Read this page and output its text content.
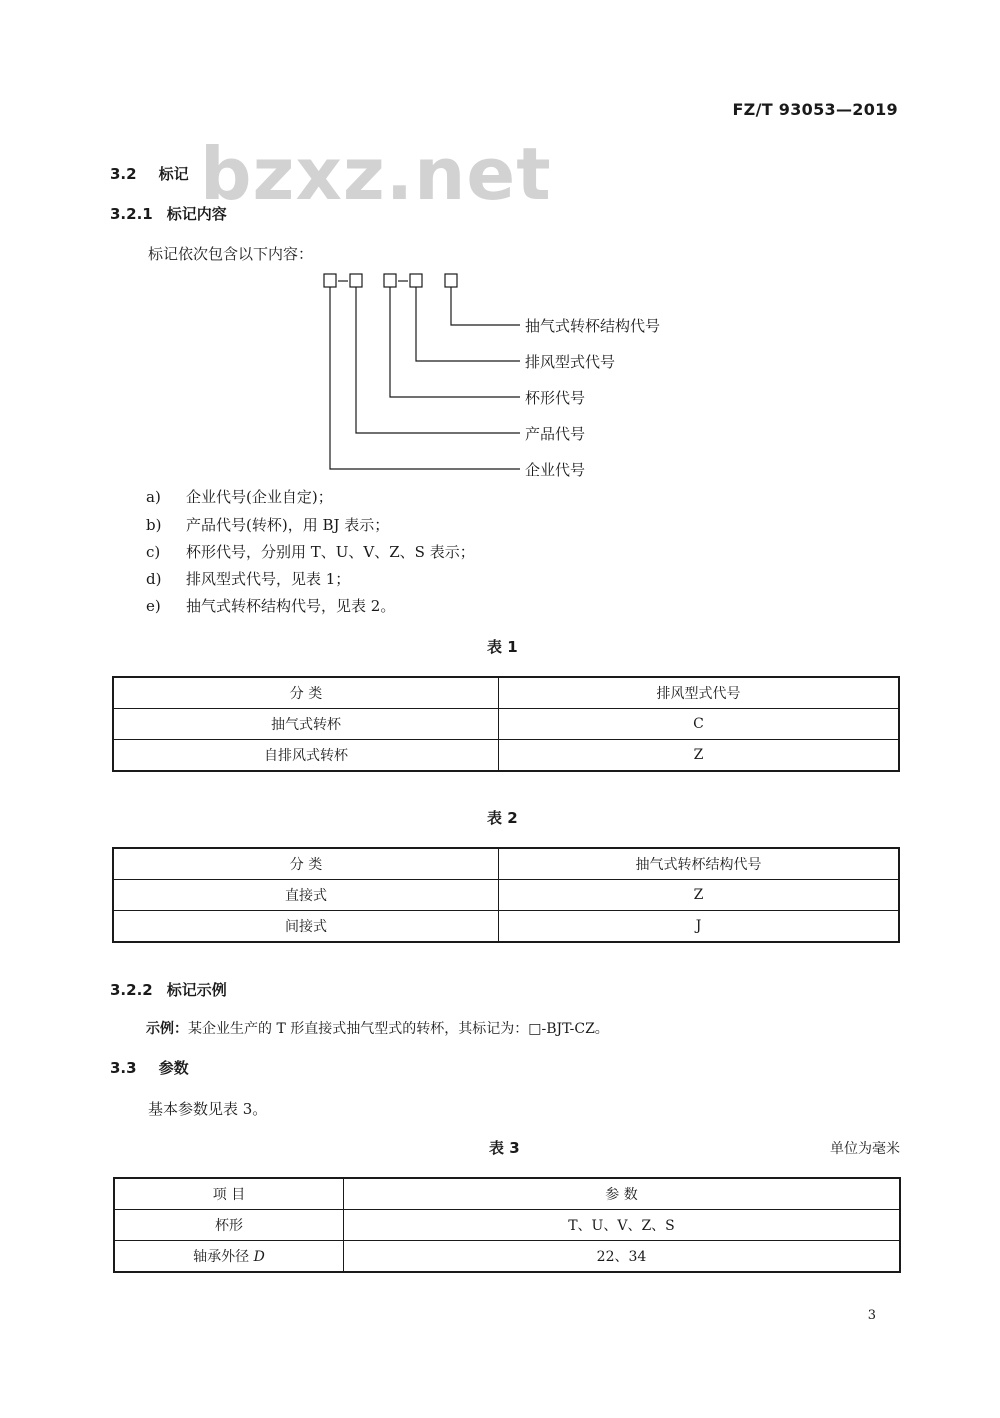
bzxz.net
FZ/T 93053—2019
3.2 标记
3.2.1 标记内容
标记依次包含以下内容：
抽气式转杯结构代号
排风型式代号
杯形代号
产品代号
企业代号
a) 企业代号(企业自定)；
b) 产品代号(转杯)，用 BJ 表示；
c) 杯形代号，分别用 T、U、V、Z、S 表示；
d) 排风型式代号，见表 1；
e) 抽气式转杯结构代号，见表 2。
表 1
分 类	排风型式代号
抽气式转杯	C
自排风式转杯	Z
表 2
分 类	抽气式转杯结构代号
直接式	Z
间接式	J
3.2.2 标记示例
示例：某企业生产的 T 形直接式抽气型式的转杯，其标记为：□-BJT-CZ。
3.3 参数
基本参数见表 3。
表 3	单位为毫米
项 目	参 数
杯形	T、U、V、Z、S
轴承外径 D	22、34
3
